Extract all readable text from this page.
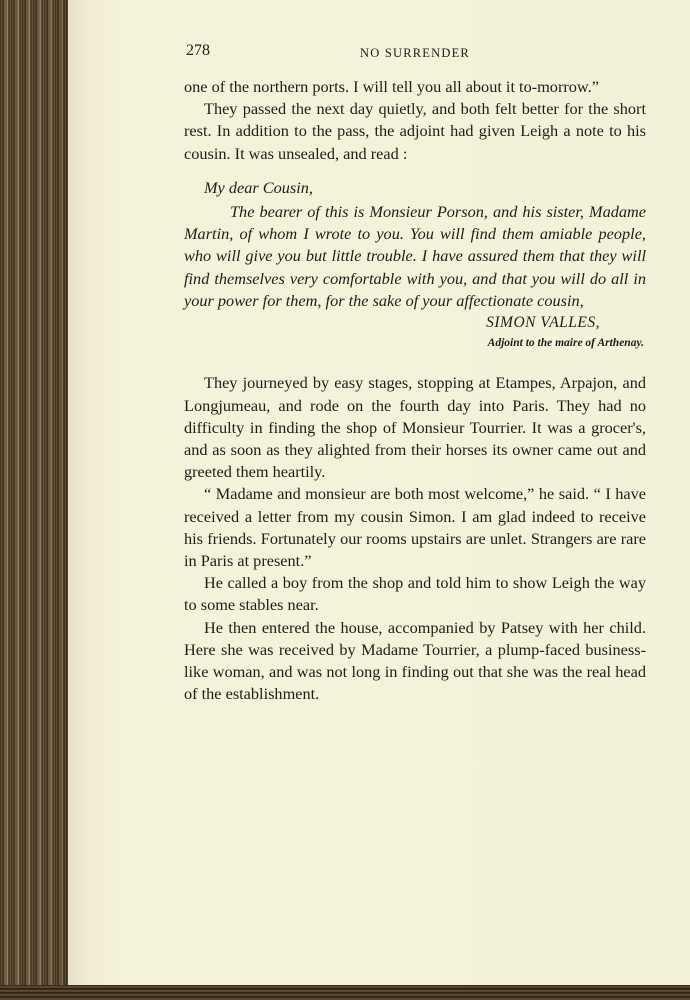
278	NO SURRENDER

one of the northern ports. I will tell you all about it to-morrow.”

They passed the next day quietly, and both felt better for the short rest. In addition to the pass, the adjoint had given Leigh a note to his cousin. It was unsealed, and read :

My dear Cousin,

The bearer of this is Monsieur Porson, and his sister, Madame Martin, of whom I wrote to you. You will find them amiable people, who will give you but little trouble. I have assured them that they will find themselves very comfortable with you, and that you will do all in your power for them, for the sake of your affectionate cousin,

SIMON VALLES,
Adjoint to the maire of Arthenay.

They journeyed by easy stages, stopping at Etampes, Arpajon, and Longjumeau, and rode on the fourth day into Paris. They had no difficulty in finding the shop of Monsieur Tourrier. It was a grocer's, and as soon as they alighted from their horses its owner came out and greeted them heartily.

“ Madame and monsieur are both most welcome,” he said. “ I have received a letter from my cousin Simon. I am glad indeed to receive his friends. Fortunately our rooms upstairs are unlet. Strangers are rare in Paris at present.”

He called a boy from the shop and told him to show Leigh the way to some stables near.

He then entered the house, accompanied by Patsey with her child. Here she was received by Madame Tourrier, a plump-faced business-like woman, and was not long in finding out that she was the real head of the establishment.
